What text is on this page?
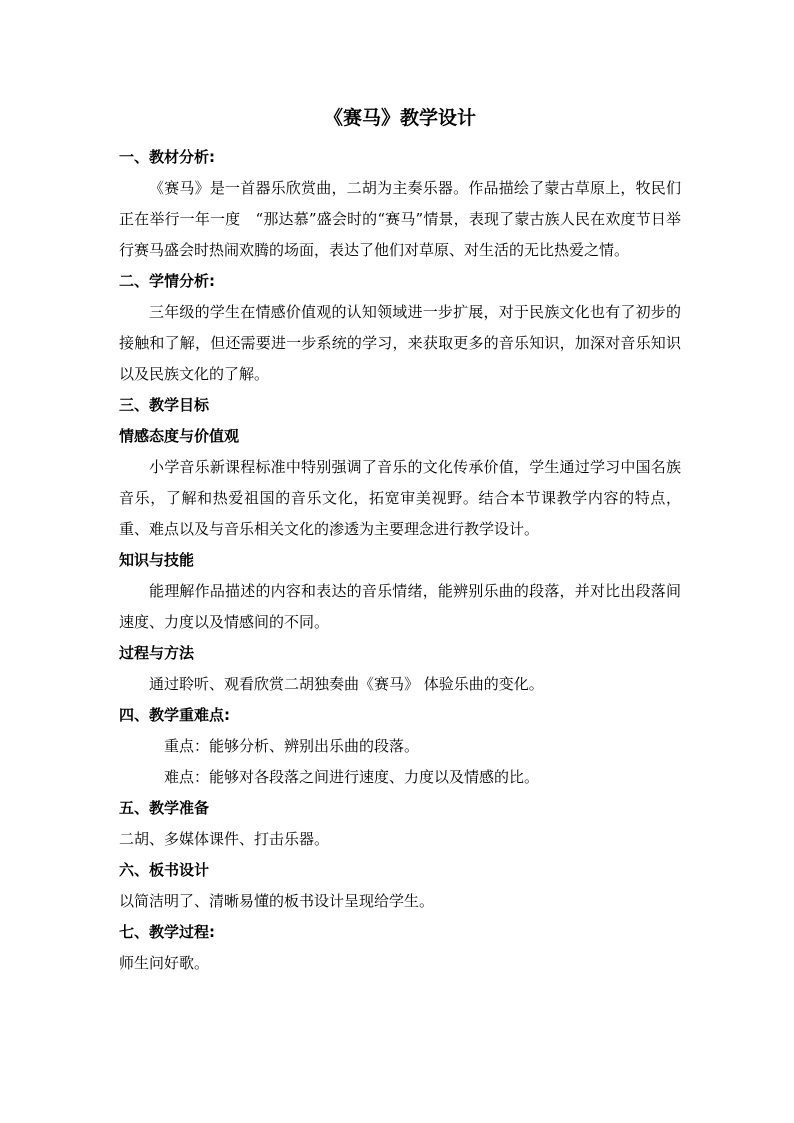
《赛马》教学设计
一、教材分析:

《赛马》是一首器乐欣赏曲，二胡为主奏乐器。作品描绘了蒙古草原上，牧民们正在举行一年一度　“那达慕”盛会时的“赛马”情景，表现了蒙古族人民在欢度节日举行赛马盛会时热闹欢腾的场面，表达了他们对草原、对生活的无比热爱之情。

二、学情分析:

三年级的学生在情感价值观的认知领域进一步扩展，对于民族文化也有了初步的接触和了解，但还需要进一步系统的学习，来获取更多的音乐知识，加深对音乐知识以及民族文化的了解。

三、教学目标
情感态度与价值观

小学音乐新课程标准中特别强调了音乐的文化传承价值，学生通过学习中国名族音乐，了解和热爱祖国的音乐文化，拓宽审美视野。结合本节课教学内容的特点，重、难点以及与音乐相关文化的渗透为主要理念进行教学设计。

知识与技能

能理解作品描述的内容和表达的音乐情绪，能辨别乐曲的段落，并对比出段落间速度、力度以及情感间的不同。

过程与方法

通过聆听、观看欣赏二胡独奏曲《赛马》 体验乐曲的变化。

四、教学重难点:

重点：能够分析、辨别出乐曲的段落。

难点：能够对各段落之间进行速度、力度以及情感的比。

五、教学准备

二胡、多媒体课件、打击乐器。

六、板书设计

以简洁明了、清晰易懂的板书设计呈现给学生。

七、教学过程:

师生问好歌。
